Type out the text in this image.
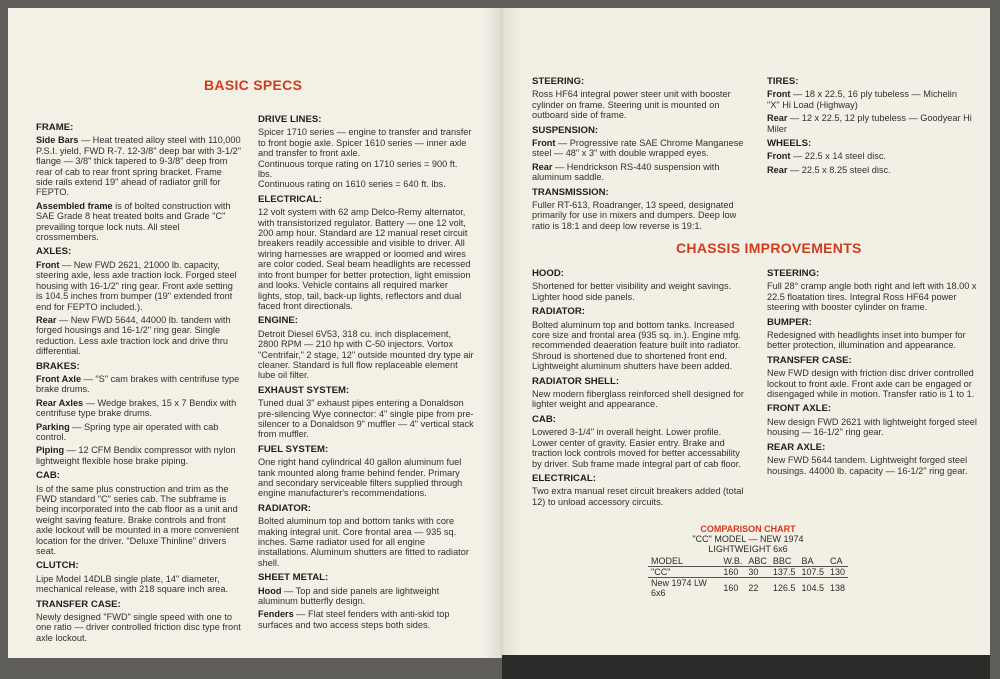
BASIC SPECS
FRAME:

Side Bars — Heat treated alloy steel with 110,000 P.S.I. yield, FWD R-7. 12-3/8" deep bar with 3-1/2" flange — 3/8" thick tapered to 9-3/8" deep from rear of cab to rear front spring bracket. Frame side rails extend 19" ahead of radiator grill for FEPTO.

Assembled frame is of bolted construction with SAE Grade 8 heat treated bolts and Grade "C" prevailing torque lock nuts. All steel crossmembers.

AXLES:

Front — New FWD 2621, 21000 lb. capacity, steering axle, less axle traction lock. Forged steel housing with 16-1/2" ring gear. Front axle setting is 104.5 inches from bumper (19" extended front end for FEPTO included.).

Rear — New FWD 5644, 44000 lb. tandem with forged housings and 16-1/2" ring gear. Single reduction. Less axle traction lock and drive thru differential.

BRAKES:

Front Axle — "S" cam brakes with centrifuse type brake drums.

Rear Axles — Wedge brakes, 15 x 7 Bendix with centrifuse type brake drums.

Parking — Spring type air operated with cab control.

Piping — 12 CFM Bendix compressor with nylon lightweight flexible hose brake piping.

CAB:

Is of the same plus construction and trim as the FWD standard "C" series cab. The subframe is being incorporated into the cab floor as a unit and weight saving feature. Brake controls and front axle lockout will be mounted in a more convenient location for the driver. "Deluxe Thinline" drivers seat.

CLUTCH:

Lipe Model 14DLB single plate, 14" diameter, mechanical release, with 218 square inch area.

TRANSFER CASE:

Newly designed "FWD" single speed with one to one ratio — driver controlled friction disc type front axle lockout.

DRIVE LINES:

Spicer 1710 series — engine to transfer and transfer to front bogie axle. Spicer 1610 series — inner axle and transfer to front axle.

Continuous torque rating on 1710 series = 900 ft. lbs.

Continuous rating on 1610 series = 640 ft. lbs.

ELECTRICAL:

12 volt system with 62 amp Delco-Remy alternator, with transistorized regulator. Battery — one 12 volt, 200 amp hour. Standard are 12 manual reset circuit breakers readily accessible and visible to driver. All wiring harnesses are wrapped or loomed and wires are color coded. Seal beam headlights are recessed into front bumper for better protection, light emission and looks. Vehicle contains all required marker lights, stop, tail, back-up lights, reflectors and dual faced front directionals.

ENGINE:

Detroit Diesel 6V53, 318 cu. inch displacement, 2800 RPM — 210 hp with C-50 injectors. Vortox "Centrifair," 2 stage, 12" outside mounted dry type air cleaner. Standard is full flow replaceable element lube oil filter.

EXHAUST SYSTEM:

Tuned dual 3" exhaust pipes entering a Donaldson pre-silencing Wye connector: 4" single pipe from pre-silencer to a Donaldson 9" muffler — 4" vertical stack from muffler.

FUEL SYSTEM:

One right hand cylindrical 40 gallon aluminum fuel tank mounted along frame behind fender. Primary and secondary serviceable filters supplied through engine manufacturer's recommendations.

RADIATOR:

Bolted aluminum top and bottom tanks with core making integral unit. Core frontal area — 935 sq. inches. Same radiator used for all engine installations. Aluminum shutters are fitted to radiator shell.

SHEET METAL:

Hood — Top and side panels are lightweight aluminum butterfly design.

Fenders — Flat steel fenders with anti-skid top surfaces and two access steps both sides.

STEERING:

Ross HF64 integral power steer unit with booster cylinder on frame. Steering unit is mounted on outboard side of frame.

SUSPENSION:

Front — Progressive rate SAE Chrome Manganese steel — 48" x 3" with double wrapped eyes.

Rear — Hendrickson RS-440 suspension with aluminum saddle.

TRANSMISSION:

Fuller RT-613, Roadranger, 13 speed, designated primarily for use in mixers and dumpers. Deep low ratio is 18:1 and deep low reverse is 19:1.

TIRES:

Front — 18 x 22.5, 16 ply tubeless — Michelin "X" Hi Load (Highway)

Rear — 12 x 22.5, 12 ply tubeless — Goodyear Hi Miler

WHEELS:

Front — 22.5 x 14 steel disc.

Rear — 22.5 x 8.25 steel disc.

CHASSIS IMPROVEMENTS
HOOD:

Shortened for better visibility and weight savings. Lighter hood side panels.

RADIATOR:

Bolted aluminum top and bottom tanks. Increased core size and frontal area (935 sq. in.). Engine mfg. recommended deaeration feature built into radiator. Shroud is shortened due to shortened front end. Lightweight aluminum shutters have been added.

RADIATOR SHELL:

New modern fiberglass reinforced shell designed for lighter weight and appearance.

CAB:

Lowered 3-1/4" in overall height. Lower profile. Lower center of gravity. Easier entry. Brake and traction lock controls moved for better accessability by driver. Sub frame made integral part of cab floor.

ELECTRICAL:

Two extra manual reset circuit breakers added (total 12) to unload accessory circuits.

STEERING:

Full 28° cramp angle both right and left with 18.00 x 22.5 floatation tires. Integral Ross HF64 power steering with booster cylinder on frame.

BUMPER:

Redesigned with headlights inset into bumper for better protection, illumination and appearance.

TRANSFER CASE:

New FWD design with friction disc driver controlled lockout to front axle. Front axle can be engaged or disengaged while in motion. Transfer ratio is 1 to 1.

FRONT AXLE:

New design FWD 2621 with lightweight forged steel housing — 16-1/2" ring gear.

REAR AXLE:

New FWD 5644 tandem. Lightweight forged steel housings. 44000 lb. capacity — 16-1/2" ring gear.

COMPARISON CHART
"CC" MODEL — NEW 1974
LIGHTWEIGHT 6x6
MODEL	W.B.	ABC	BBC	BA	CA
"CC"	160	30	137.5	107.5	130
New 1974 LW 6x6	160	22	126.5	104.5	138
